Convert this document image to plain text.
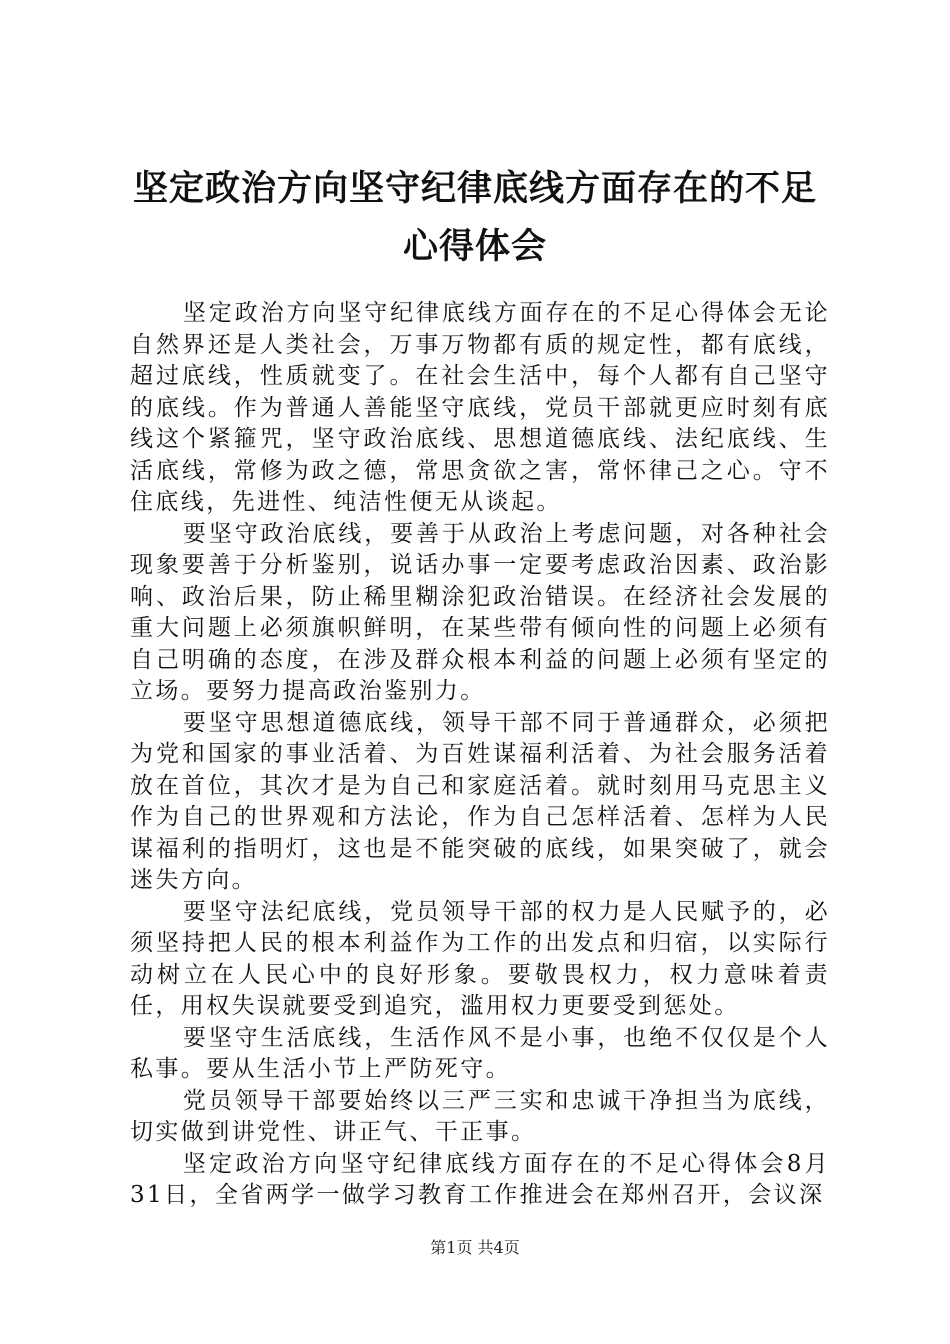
坚定政治方向坚守纪律底线方面存在的不足心得体会

坚定政治方向坚守纪律底线方面存在的不足心得体会无论自然界还是人类社会，万事万物都有质的规定性，都有底线，超过底线，性质就变了。在社会生活中，每个人都有自己坚守的底线。作为普通人善能坚守底线，党员干部就更应时刻有底线这个紧箍咒，坚守政治底线、思想道德底线、法纪底线、生活底线，常修为政之德，常思贪欲之害，常怀律己之心。守不住底线，先进性、纯洁性便无从谈起。

要坚守政治底线，要善于从政治上考虑问题，对各种社会现象要善于分析鉴别，说话办事一定要考虑政治因素、政治影响、政治后果，防止稀里糊涂犯政治错误。在经济社会发展的重大问题上必须旗帜鲜明，在某些带有倾向性的问题上必须有自己明确的态度，在涉及群众根本利益的问题上必须有坚定的立场。要努力提高政治鉴别力。

要坚守思想道德底线，领导干部不同于普通群众，必须把为党和国家的事业活着、为百姓谋福利活着、为社会服务活着放在首位，其次才是为自己和家庭活着。就时刻用马克思主义作为自己的世界观和方法论，作为自己怎样活着、怎样为人民谋福利的指明灯，这也是不能突破的底线，如果突破了，就会迷失方向。

要坚守法纪底线，党员领导干部的权力是人民赋予的，必须坚持把人民的根本利益作为工作的出发点和归宿，以实际行动树立在人民心中的良好形象。要敬畏权力，权力意味着责任，用权失误就要受到追究，滥用权力更要受到惩处。

要坚守生活底线，生活作风不是小事，也绝不仅仅是个人私事。要从生活小节上严防死守。

党员领导干部要始终以三严三实和忠诚干净担当为底线，切实做到讲党性、讲正气、干正事。

坚定政治方向坚守纪律底线方面存在的不足心得体会8月31日，全省两学一做学习教育工作推进会在郑州召开，会议深

第1页 共4页
